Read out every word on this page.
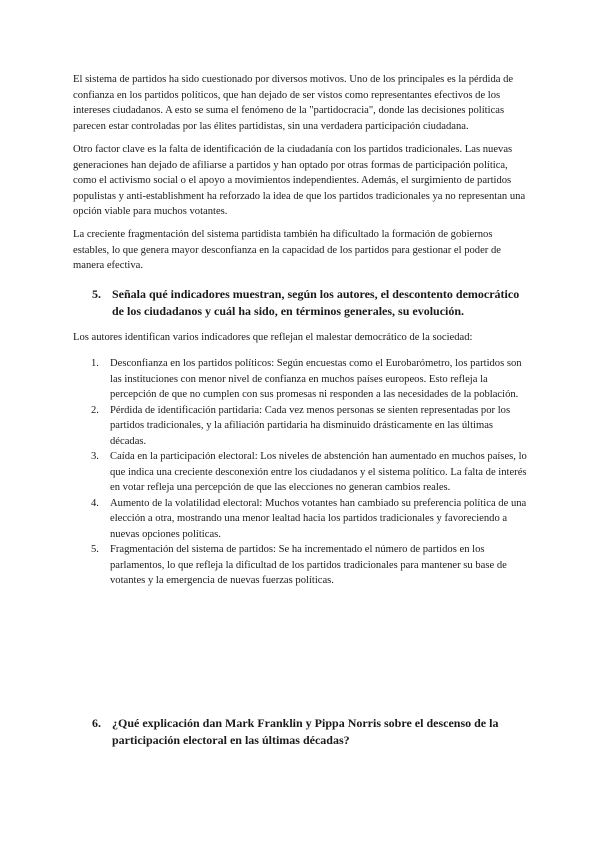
El sistema de partidos ha sido cuestionado por diversos motivos. Uno de los principales es la pérdida de confianza en los partidos políticos, que han dejado de ser vistos como representantes efectivos de los intereses ciudadanos. A esto se suma el fenómeno de la "partidocracia", donde las decisiones políticas parecen estar controladas por las élites partidistas, sin una verdadera participación ciudadana.

Otro factor clave es la falta de identificación de la ciudadanía con los partidos tradicionales. Las nuevas generaciones han dejado de afiliarse a partidos y han optado por otras formas de participación política, como el activismo social o el apoyo a movimientos independientes. Además, el surgimiento de partidos populistas y anti-establishment ha reforzado la idea de que los partidos tradicionales ya no representan una opción viable para muchos votantes.

La creciente fragmentación del sistema partidista también ha dificultado la formación de gobiernos estables, lo que genera mayor desconfianza en la capacidad de los partidos para gestionar el poder de manera efectiva.

5. Señala qué indicadores muestran, según los autores, el descontento democrático
de los ciudadanos y cuál ha sido, en términos generales, su evolución.

Los autores identifican varios indicadores que reflejan el malestar democrático de la sociedad:

1. Desconfianza en los partidos políticos: Según encuestas como el Eurobarómetro, los partidos son las instituciones con menor nivel de confianza en muchos países europeos. Esto refleja la percepción de que no cumplen con sus promesas ni responden a las necesidades de la población.
2. Pérdida de identificación partidaria: Cada vez menos personas se sienten representadas por los partidos tradicionales, y la afiliación partidaria ha disminuido drásticamente en las últimas décadas.
3. Caída en la participación electoral: Los niveles de abstención han aumentado en muchos países, lo que indica una creciente desconexión entre los ciudadanos y el sistema político. La falta de interés en votar refleja una percepción de que las elecciones no generan cambios reales.
4. Aumento de la volatilidad electoral: Muchos votantes han cambiado su preferencia política de una elección a otra, mostrando una menor lealtad hacia los partidos tradicionales y favoreciendo a nuevas opciones políticas.
5. Fragmentación del sistema de partidos: Se ha incrementado el número de partidos en los parlamentos, lo que refleja la dificultad de los partidos tradicionales para mantener su base de votantes y la emergencia de nuevas fuerzas políticas.
6. ¿Qué explicación dan Mark Franklin y Pippa Norris sobre el descenso de la
participación electoral en las últimas décadas?
